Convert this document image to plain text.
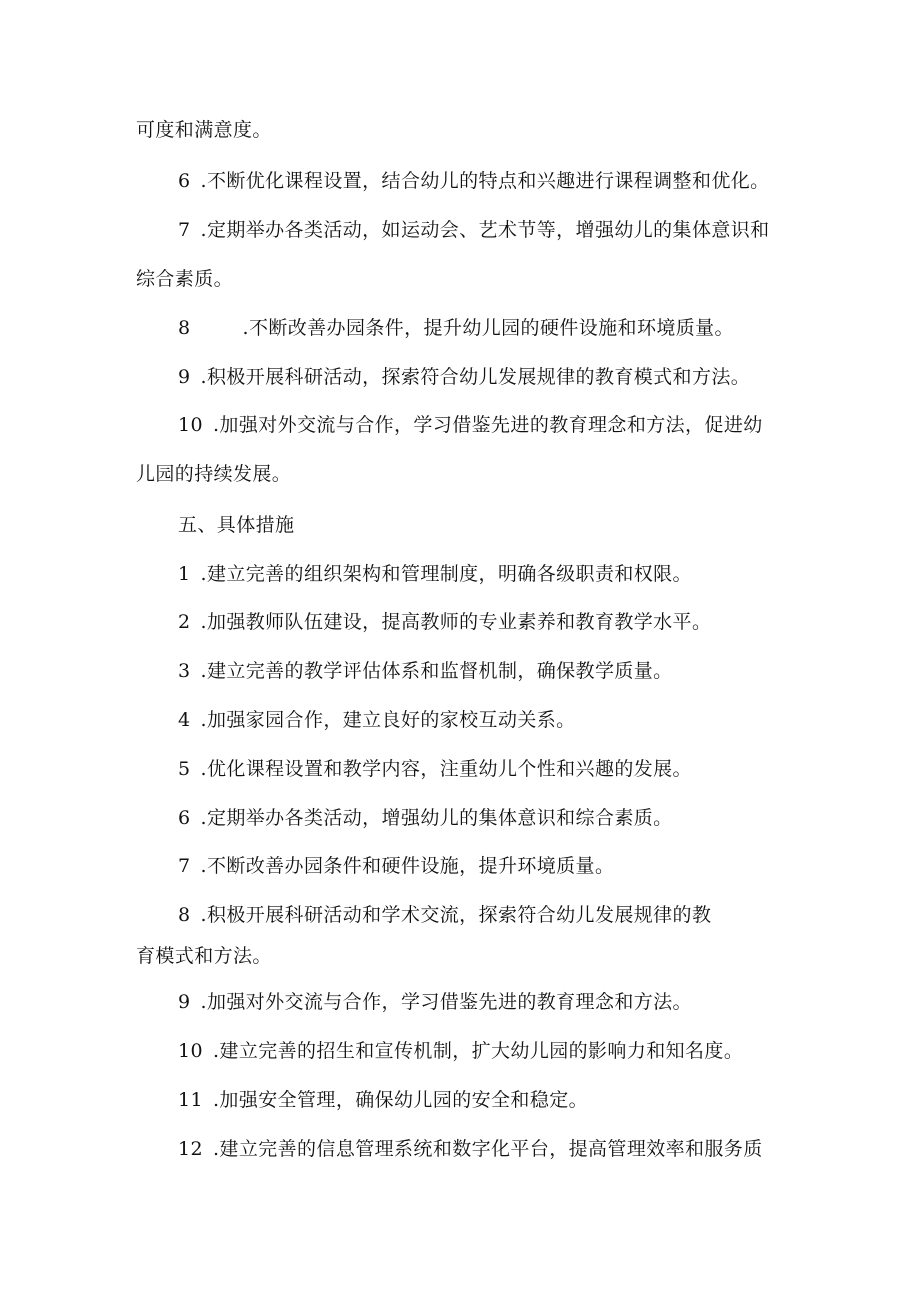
可度和满意度。
6 .不断优化课程设置，结合幼儿的特点和兴趣进行课程调整和优化。
7 .定期举办各类活动，如运动会、艺术节等，增强幼儿的集体意识和
综合素质。
8	.不断改善办园条件，提升幼儿园的硬件设施和环境质量。
9 .积极开展科研活动，探索符合幼儿发展规律的教育模式和方法。
10 .加强对外交流与合作，学习借鉴先进的教育理念和方法，促进幼
儿园的持续发展。
五、具体措施
1 .建立完善的组织架构和管理制度，明确各级职责和权限。
2 .加强教师队伍建设，提高教师的专业素养和教育教学水平。
3 .建立完善的教学评估体系和监督机制，确保教学质量。
4 .加强家园合作，建立良好的家校互动关系。
5 .优化课程设置和教学内容，注重幼儿个性和兴趣的发展。
6 .定期举办各类活动，增强幼儿的集体意识和综合素质。
7 .不断改善办园条件和硬件设施，提升环境质量。
8 .积极开展科研活动和学术交流，探索符合幼儿发展规律的教
育模式和方法。
9 .加强对外交流与合作，学习借鉴先进的教育理念和方法。
10 .建立完善的招生和宣传机制，扩大幼儿园的影响力和知名度。
11 .加强安全管理，确保幼儿园的安全和稳定。
12 .建立完善的信息管理系统和数字化平台，提高管理效率和服务质
